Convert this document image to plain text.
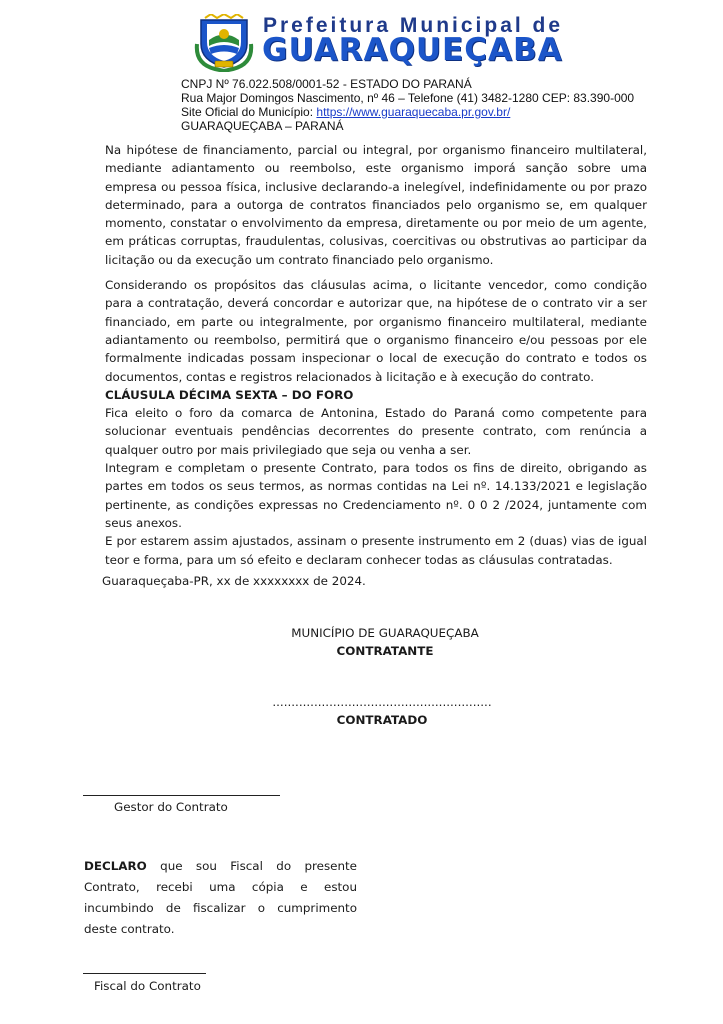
Prefeitura Municipal de
GUARAQUEÇABA
CNPJ Nº 76.022.508/0001-52 - ESTADO DO PARANÁ
Rua Major Domingos Nascimento, nº 46 – Telefone (41) 3482-1280 CEP: 83.390-000
Site Oficial do Município: https://www.guaraquecaba.pr.gov.br/
GUARAQUEÇABA – PARANÁ

Na hipótese de financiamento, parcial ou integral, por organismo financeiro multilateral, mediante adiantamento ou reembolso, este organismo imporá sanção sobre uma empresa ou pessoa física, inclusive declarando-a inelegível, indefinidamente ou por prazo determinado, para a outorga de contratos financiados pelo organismo se, em qualquer momento, constatar o envolvimento da empresa, diretamente ou por meio de um agente, em práticas corruptas, fraudulentas, colusivas, coercitivas ou obstrutivas ao participar da licitação ou da execução um contrato financiado pelo organismo.

Considerando os propósitos das cláusulas acima, o licitante vencedor, como condição para a contratação, deverá concordar e autorizar que, na hipótese de o contrato vir a ser financiado, em parte ou integralmente, por organismo financeiro multilateral, mediante adiantamento ou reembolso, permitirá que o organismo financeiro e/ou pessoas por ele formalmente indicadas possam inspecionar o local de execução do contrato e todos os documentos, contas e registros relacionados à licitação e à execução do contrato.

CLÁUSULA DÉCIMA SEXTA – DO FORO

Fica eleito o foro da comarca de Antonina, Estado do Paraná como competente para solucionar eventuais pendências decorrentes do presente contrato, com renúncia a qualquer outro por mais privilegiado que seja ou venha a ser.

Integram e completam o presente Contrato, para todos os fins de direito, obrigando as partes em todos os seus termos, as normas contidas na Lei nº. 14.133/2021 e legislação pertinente, as condições expressas no Credenciamento nº. 0 0 2 /2024, juntamente com seus anexos.

E por estarem assim ajustados, assinam o presente instrumento em 2 (duas) vias de igual teor e forma, para um só efeito e declaram conhecer todas as cláusulas contratadas.

Guaraqueçaba-PR, xx de xxxxxxxx de 2024.
MUNICÍPIO DE GUARAQUEÇABA
CONTRATANTE
..........................................................
CONTRATADO
Gestor do Contrato
DECLARO que sou Fiscal do presente Contrato, recebi uma cópia e estou incumbindo de fiscalizar o cumprimento deste contrato.
Fiscal do Contrato
